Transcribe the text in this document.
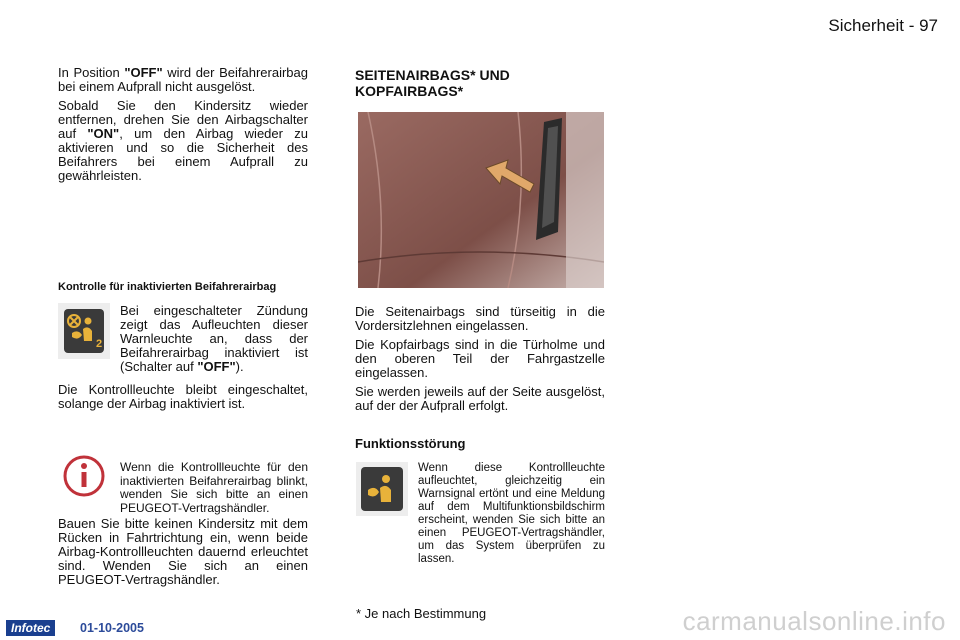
Sicherheit - 97

In Position "OFF" wird der Beifahrerairbag bei einem Aufprall nicht ausgelöst.

Sobald Sie den Kindersitz wieder entfernen, drehen Sie den Airbagschalter auf "ON", um den Airbag wieder zu aktivieren und so die Sicherheit des Beifahrers bei einem Aufprall zu gewährleisten.

Kontrolle für inaktivierten Beifahrerairbag
2

Bei eingeschalteter Zündung zeigt das Aufleuchten dieser Warnleuchte an, dass der Beifahrerairbag inaktiviert ist (Schalter auf "OFF").

Die Kontrollleuchte bleibt eingeschaltet, solange der Airbag inaktiviert ist.

Wenn die Kontrollleuchte für den inaktivierten Beifahrerairbag blinkt, wenden Sie sich bitte an einen PEUGEOT-Vertragshändler.

Bauen Sie bitte keinen Kindersitz mit dem Rücken in Fahrtrichtung ein, wenn beide Airbag-Kontrollleuchten dauernd erleuchtet sind. Wenden Sie sich an einen PEUGEOT-Vertragshändler.

SEITENAIRBAGS* UND KOPFAIRBAGS*

Die Seitenairbags sind türseitig in die Vordersitzlehnen eingelassen.

Die Kopfairbags sind in die Türholme und den oberen Teil der Fahrgastzelle eingelassen.

Sie werden jeweils auf der Seite ausgelöst, auf der der Aufprall erfolgt.

Funktionsstörung
Wenn diese Kontrollleuchte aufleuchtet, gleichzeitig ein Warnsignal ertönt und eine Meldung auf dem Multifunktionsbildschirm erscheint, wenden Sie sich bitte an einen PEUGEOT-Vertragshändler, um das System überprüfen zu lassen.
* Je nach Bestimmung
Infotec	01-10-2005	carmanualsonline.info
